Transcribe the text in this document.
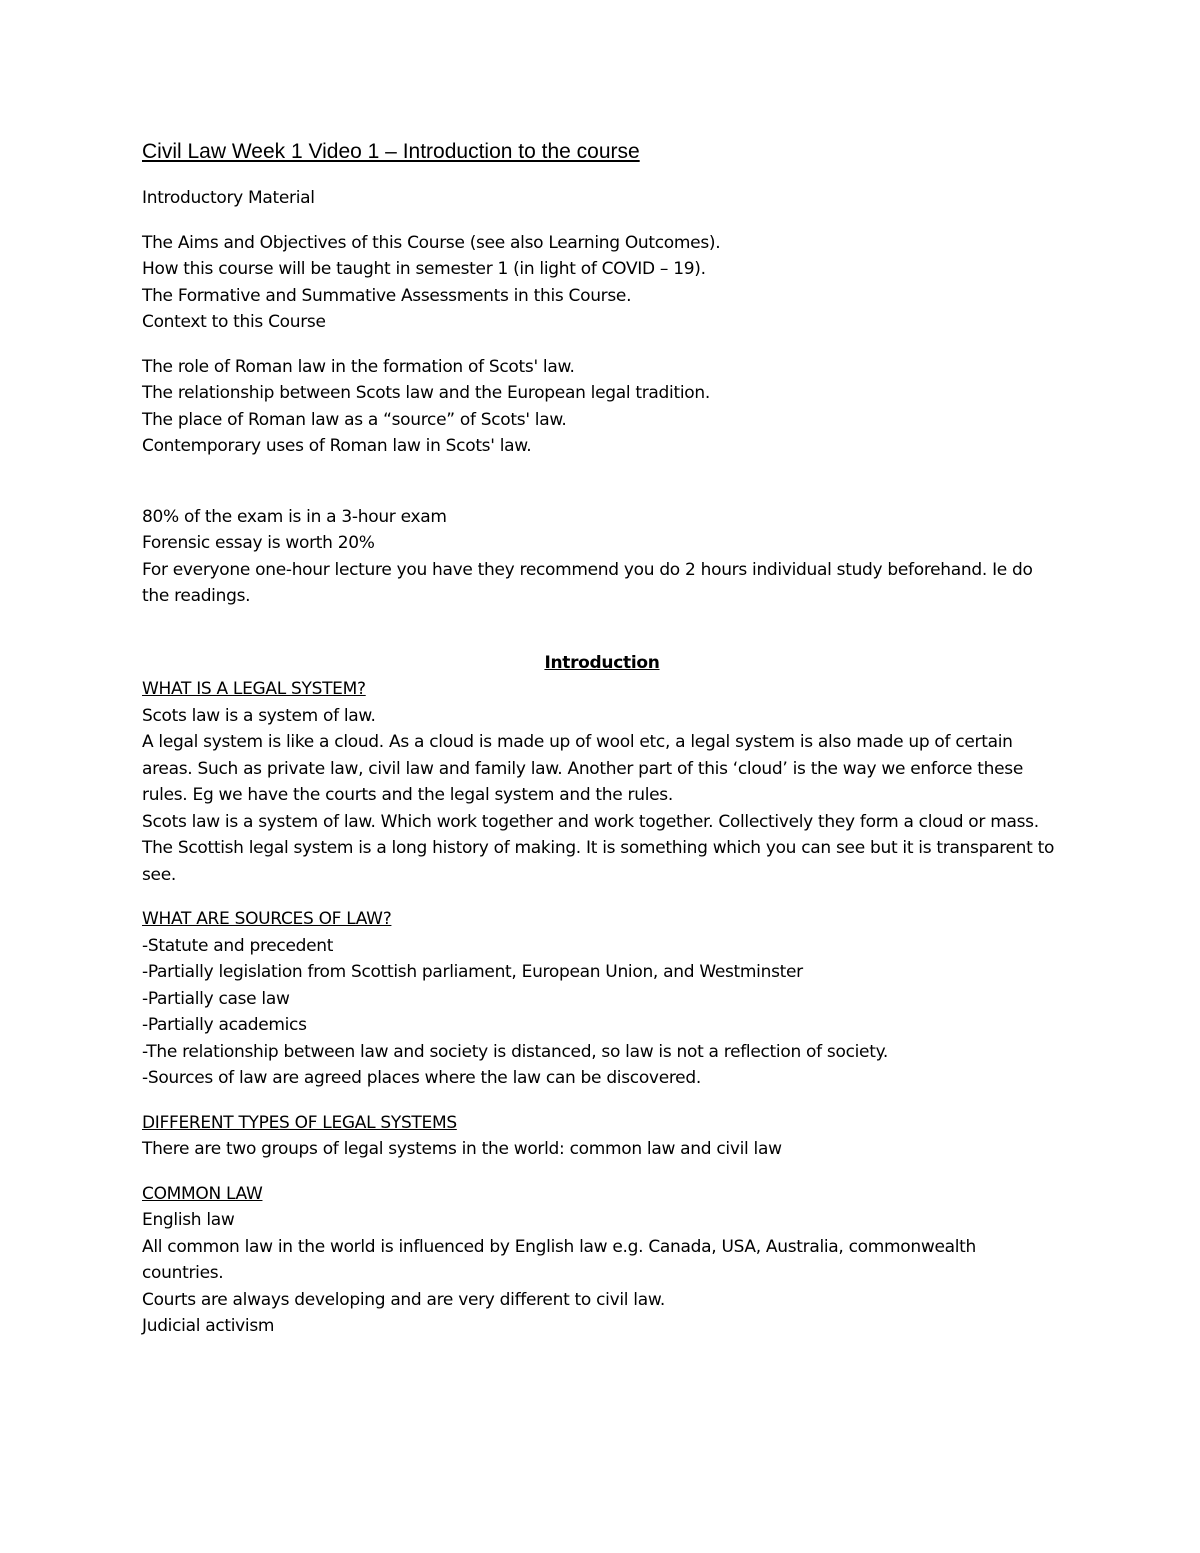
Civil Law Week 1 Video 1 – Introduction to the course
Introductory Material
The Aims and Objectives of this Course (see also Learning Outcomes).
How this course will be taught in semester 1 (in light of COVID – 19).
The Formative and Summative Assessments in this Course.
Context to this Course
The role of Roman law in the formation of Scots' law.
The relationship between Scots law and the European legal tradition.
The place of Roman law as a “source” of Scots' law.
Contemporary uses of Roman law in Scots' law.
80% of the exam is in a 3-hour exam
Forensic essay is worth 20%
For everyone one-hour lecture you have they recommend you do 2 hours individual study beforehand. Ie do the readings.
Introduction
WHAT IS A LEGAL SYSTEM?
Scots law is a system of law.
A legal system is like a cloud. As a cloud is made up of wool etc, a legal system is also made up of certain areas. Such as private law, civil law and family law. Another part of this ‘cloud’ is the way we enforce these rules. Eg we have the courts and the legal system and the rules.
Scots law is a system of law. Which work together and work together. Collectively they form a cloud or mass.
The Scottish legal system is a long history of making. It is something which you can see but it is transparent to see.
WHAT ARE SOURCES OF LAW?
-Statute and precedent
-Partially legislation from Scottish parliament, European Union, and Westminster
-Partially case law
-Partially academics
-The relationship between law and society is distanced, so law is not a reflection of society.
-Sources of law are agreed places where the law can be discovered.
DIFFERENT TYPES OF LEGAL SYSTEMS
There are two groups of legal systems in the world: common law and civil law
COMMON LAW
English law
All common law in the world is influenced by English law e.g. Canada, USA, Australia, commonwealth countries.
Courts are always developing and are very different to civil law.
Judicial activism
